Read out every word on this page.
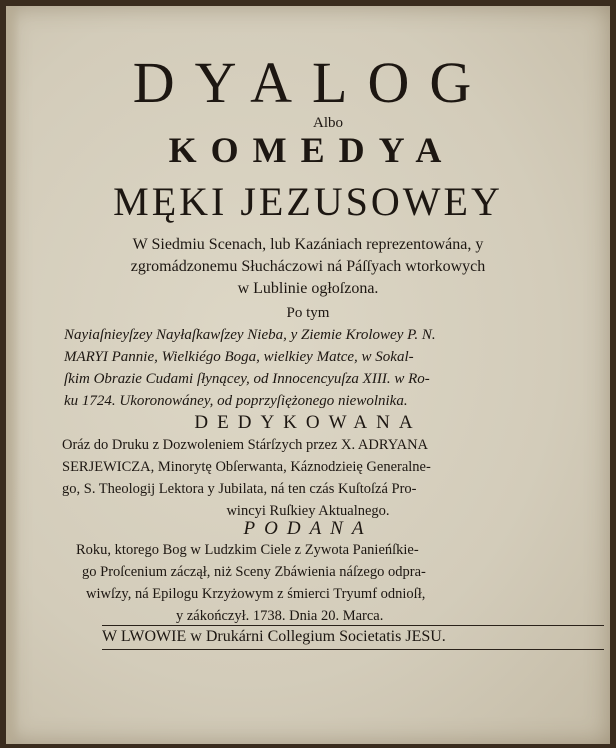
DYALOG

Albo

KOMEDYA
MĘKI JEZUSOWEY

W Siedmiu Scenach, lub Kazániach reprezentowána, y

zgromádzonemu Słucháczowi ná Páſſyach wtorkowych

w Lublinie ogłoſzona.

Po tym

Nayiaſnieyſzey Nayłaſkawſzey Nieba, y Ziemie Krolowey P. N.

MARYI Pannie, Wielkiégo Boga, wielkiey Matce, w Sokal-

ſkim Obrazie Cudami ſłynącey, od Innocencyuſza XIII. w Ro-

ku 1724. Ukoronowáney, od poprzyſiężonego niewolnika.

DEDYKOWANA

Oráz do Druku z Dozwoleniem Stárſzych przez X. ADRYANA

SERJEWICZA, Minorytę Obſerwanta, Káznodzieię Generalne-

go, S. Theologij Lektora y Jubilata, ná ten czás Kuſtoſzá Pro-

wincyi Ruſkiey Aktualnego.

PODANA

Roku, ktorego Bog w Ludzkim Ciele z Zywota Panieńſkie-

go Proſcenium záczął, niż Sceny Zbáwienia náſzego odpra-

wiwſzy, ná Epilogu Krzyżowym z śmierci Tryumf odnioſł,

y zákończył. 1738. Dnia 20. Marca.

W LWOWIE w Drukárni Collegium Societatis JESU.
